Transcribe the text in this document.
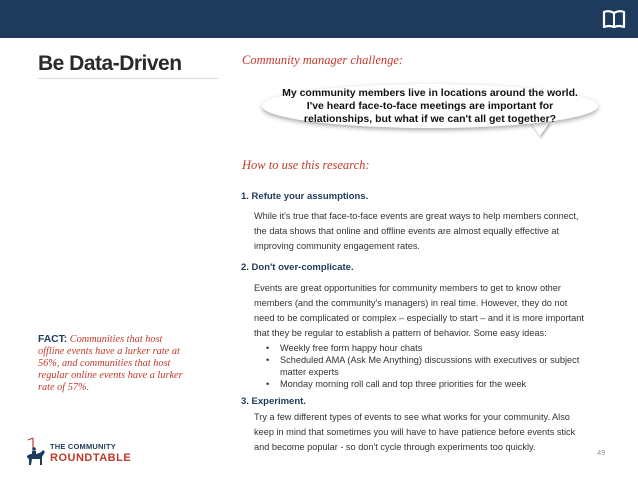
Be Data-Driven	Community manager challenge:
My community members live in locations around the world.
I've heard face-to-face meetings are important for
relationships, but what if we can't all get together?
How to use this research:
1. Refute your assumptions.
While it's true that face-to-face events are great ways to help members connect,
the data shows that online and offline events are almost equally effective at
improving community engagement rates.
2. Don't over-complicate.
Events are great opportunities for community members to get to know other
members (and the community's managers) in real time. However, they do not
need to be complicated or complex – especially to start – and it is more important
that they be regular to establish a pattern of behavior. Some easy ideas:
• Weekly free form happy hour chats
• Scheduled AMA (Ask Me Anything) discussions with executives or subject matter experts
• Monday morning roll call and top three priorities for the week
3. Experiment.
Try a few different types of events to see what works for your community. Also
keep in mind that sometimes you will have to have patience before events stick
and become popular - so don't cycle through experiments too quickly.
FACT: Communities that host offline events have a lurker rate at 56%, and communities that host regular online events have a lurker rate of 57%.
THE COMMUNITY
ROUNDTABLE	49
